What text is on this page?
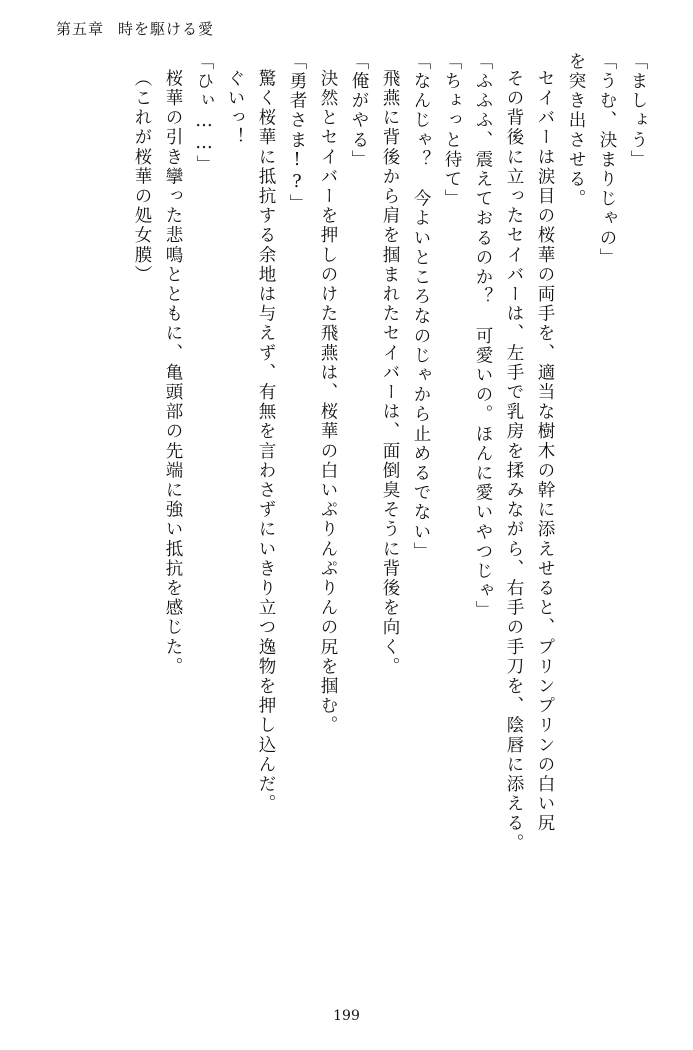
第五章 時を駆ける愛
「ましょう」
「うむ、決まりじゃの」
を突き出させる。
セイバーは涙目の桜華の両手を、適当な樹木の幹に添えせると、プリンプリンの白い尻
その背後に立ったセイバーは、左手で乳房を揉みながら、右手の手刀を、陰唇に添える。
「ふふふ、震えておるのか？　可愛いの。ほんに愛いやつじゃ」
「ちょっと待て」
「なんじゃ？　今よいところなのじゃから止めるでない」
飛燕に背後から肩を掴まれたセイバーは、面倒臭そうに背後を向く。
「俺がやる」
決然とセイバーを押しのけた飛燕は、桜華の白いぷりんぷりんの尻を掴む。
「勇者さま!?」
驚く桜華に抵抗する余地は与えず、有無を言わさずにいきり立つ逸物を押し込んだ。
ぐいっ！
「ひぃ……」
桜華の引き攣った悲鳴とともに、亀頭部の先端に強い抵抗を感じた。
（これが桜華の処女膜）
199
